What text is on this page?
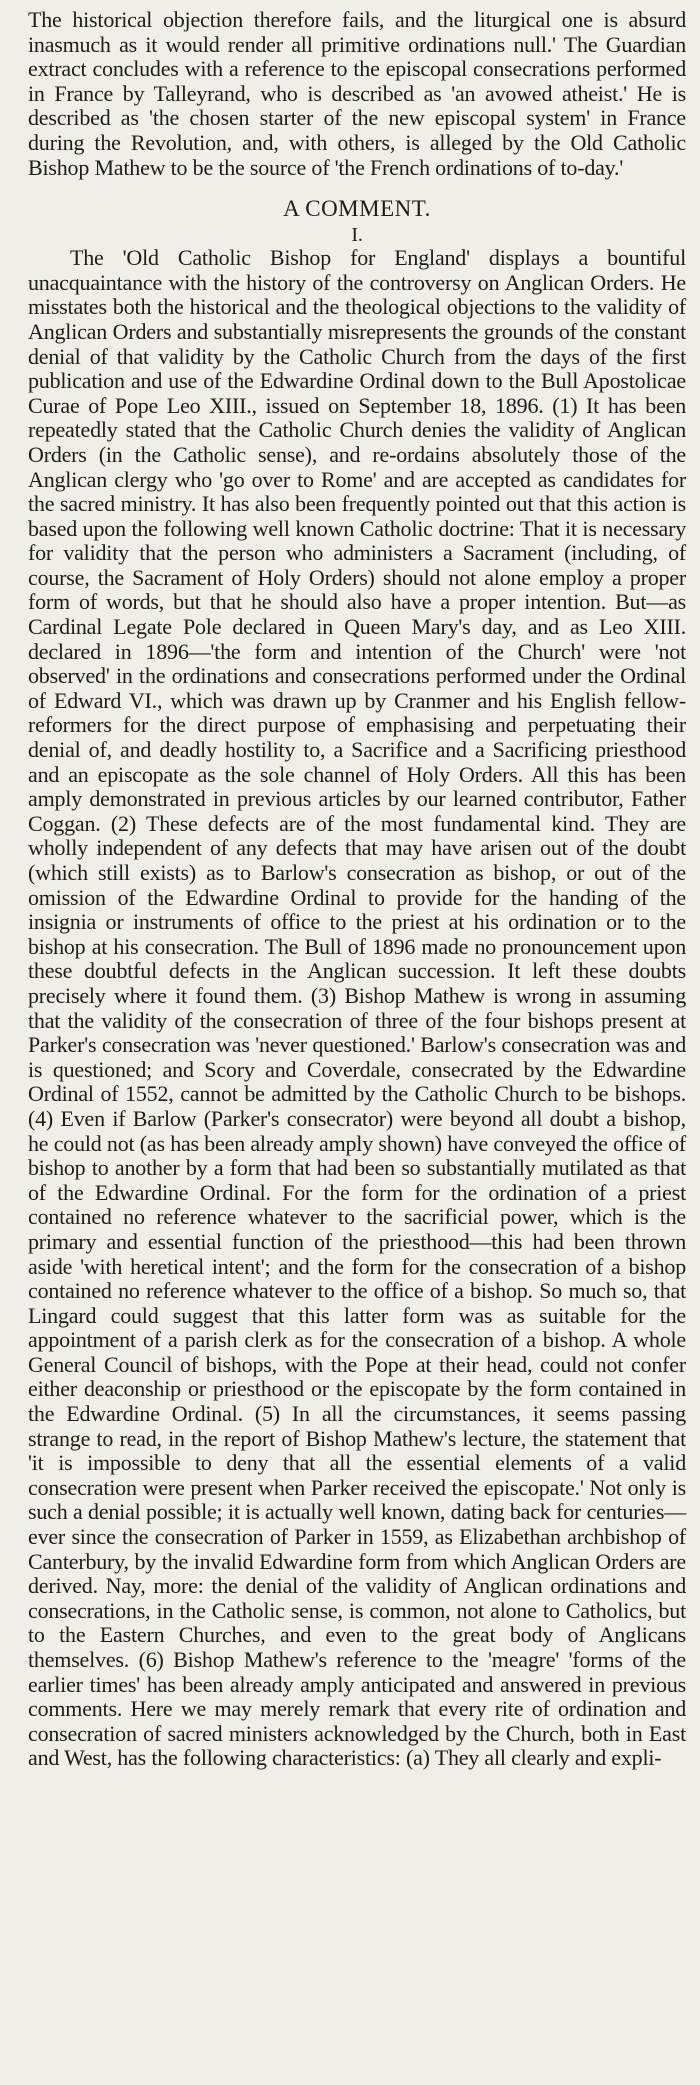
The historical objection therefore fails, and the liturgical one is absurd inasmuch as it would render all primitive ordinations null.' The Guardian extract concludes with a reference to the episcopal consecrations performed in France by Talleyrand, who is described as 'an avowed atheist.' He is described as 'the chosen starter of the new episcopal system' in France during the Revolution, and, with others, is alleged by the Old Catholic Bishop Mathew to be the source of 'the French ordinations of to-day.'

A COMMENT.
I.

The 'Old Catholic Bishop for England' displays a bountiful unacquaintance with the history of the controversy on Anglican Orders. He misstates both the historical and the theological objections to the validity of Anglican Orders and substantially misrepresents the grounds of the constant denial of that validity by the Catholic Church from the days of the first publication and use of the Edwardine Ordinal down to the Bull Apostolicae Curae of Pope Leo XIII., issued on September 18, 1896. (1) It has been repeatedly stated that the Catholic Church denies the validity of Anglican Orders (in the Catholic sense), and re-ordains absolutely those of the Anglican clergy who 'go over to Rome' and are accepted as candidates for the sacred ministry. It has also been frequently pointed out that this action is based upon the following well known Catholic doctrine: That it is necessary for validity that the person who administers a Sacrament (including, of course, the Sacrament of Holy Orders) should not alone employ a proper form of words, but that he should also have a proper intention. But—as Cardinal Legate Pole declared in Queen Mary's day, and as Leo XIII. declared in 1896—'the form and intention of the Church' were 'not observed' in the ordinations and consecrations performed under the Ordinal of Edward VI., which was drawn up by Cranmer and his English fellow-reformers for the direct purpose of emphasising and perpetuating their denial of, and deadly hostility to, a Sacrifice and a Sacrificing priesthood and an episcopate as the sole channel of Holy Orders. All this has been amply demonstrated in previous articles by our learned contributor, Father Coggan. (2) These defects are of the most fundamental kind. They are wholly independent of any defects that may have arisen out of the doubt (which still exists) as to Barlow's consecration as bishop, or out of the omission of the Edwardine Ordinal to provide for the handing of the insignia or instruments of office to the priest at his ordination or to the bishop at his consecration. The Bull of 1896 made no pronouncement upon these doubtful defects in the Anglican succession. It left these doubts precisely where it found them. (3) Bishop Mathew is wrong in assuming that the validity of the consecration of three of the four bishops present at Parker's consecration was 'never questioned.' Barlow's consecration was and is questioned; and Scory and Coverdale, consecrated by the Edwardine Ordinal of 1552, cannot be admitted by the Catholic Church to be bishops. (4) Even if Barlow (Parker's consecrator) were beyond all doubt a bishop, he could not (as has been already amply shown) have conveyed the office of bishop to another by a form that had been so substantially mutilated as that of the Edwardine Ordinal. For the form for the ordination of a priest contained no reference whatever to the sacrificial power, which is the primary and essential function of the priesthood—this had been thrown aside 'with heretical intent'; and the form for the consecration of a bishop contained no reference whatever to the office of a bishop. So much so, that Lingard could suggest that this latter form was as suitable for the appointment of a parish clerk as for the consecration of a bishop. A whole General Council of bishops, with the Pope at their head, could not confer either deaconship or priesthood or the episcopate by the form contained in the Edwardine Ordinal. (5) In all the circumstances, it seems passing strange to read, in the report of Bishop Mathew's lecture, the statement that 'it is impossible to deny that all the essential elements of a valid consecration were present when Parker received the episcopate.' Not only is such a denial possible; it is actually well known, dating back for centuries—ever since the consecration of Parker in 1559, as Elizabethan archbishop of Canterbury, by the invalid Edwardine form from which Anglican Orders are derived. Nay, more: the denial of the validity of Anglican ordinations and consecrations, in the Catholic sense, is common, not alone to Catholics, but to the Eastern Churches, and even to the great body of Anglicans themselves. (6) Bishop Mathew's reference to the 'meagre' 'forms of the earlier times' has been already amply anticipated and answered in previous comments. Here we may merely remark that every rite of ordination and consecration of sacred ministers acknowledged by the Church, both in East and West, has the following characteristics: (a) They all clearly and expli-
